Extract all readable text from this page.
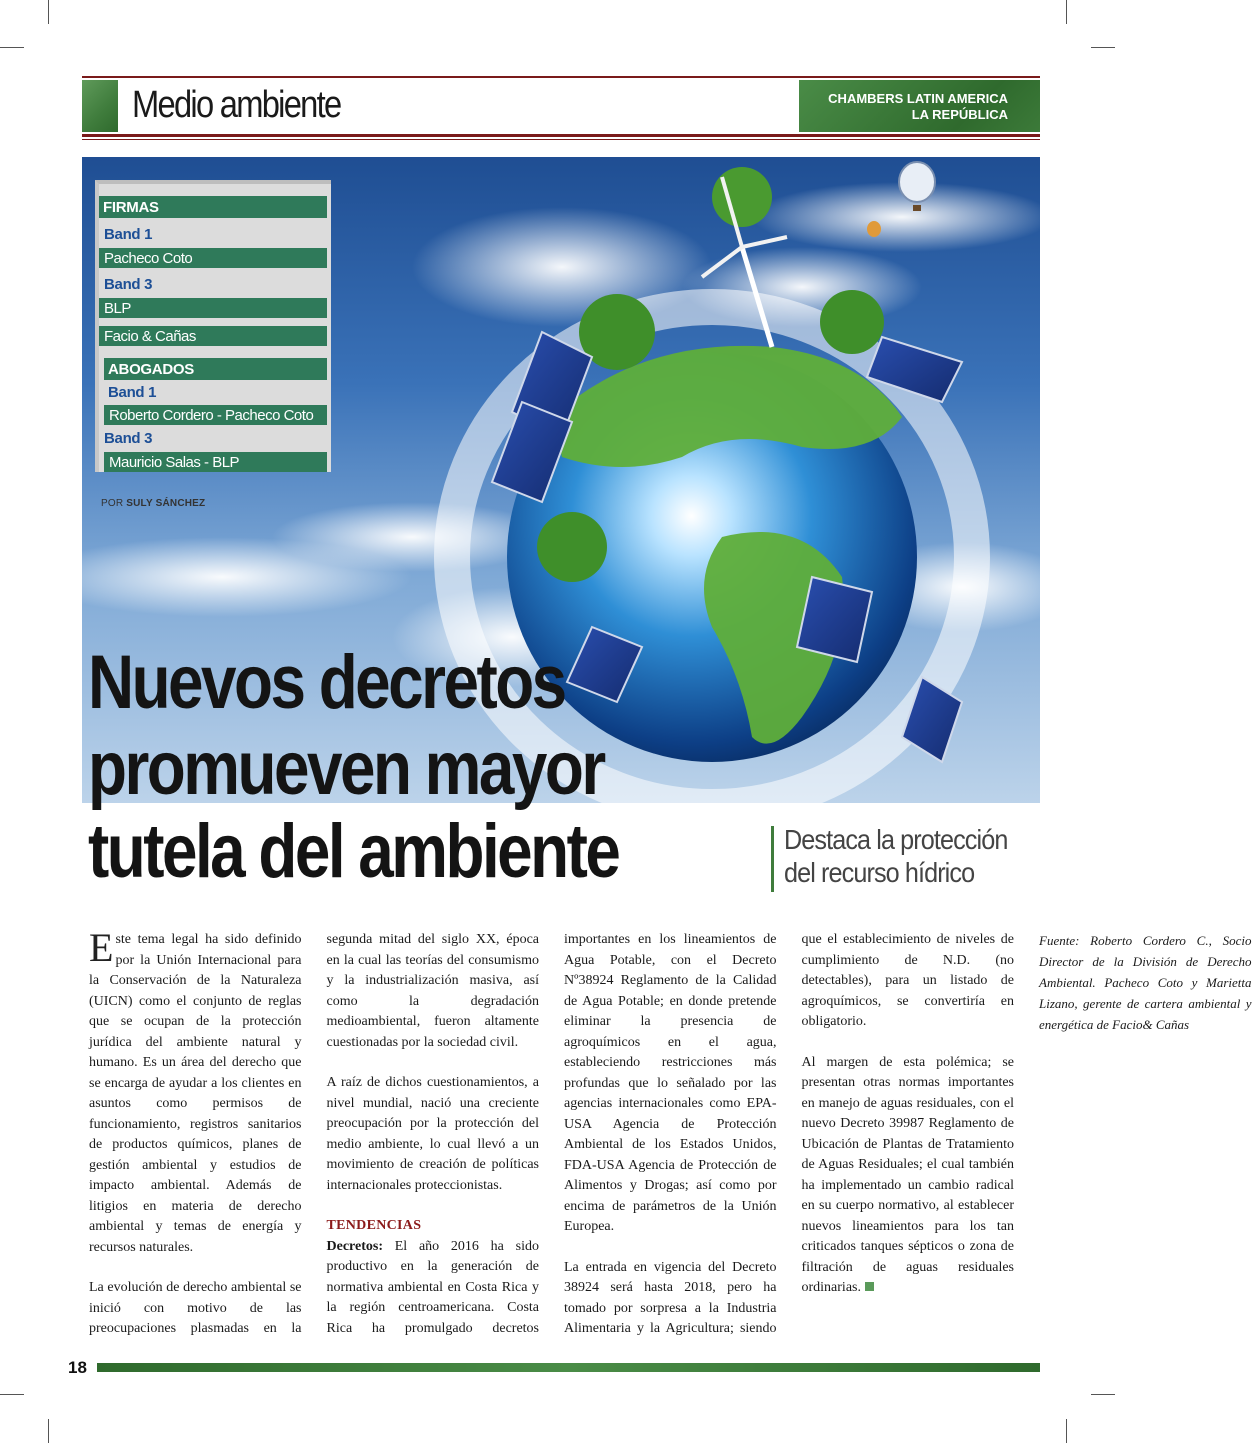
Medio ambiente	CHAMBERS LATIN AMERICA
LA REPÚBLICA
FIRMAS
Band 1
Pacheco Coto
Band 3
BLP
Facio & Cañas
ABOGADOS
Band 1
Roberto Cordero - Pacheco Coto
Band 3
Mauricio Salas - BLP
POR SULY SÁNCHEZ
Nuevos decretos
promueven mayor
tutela del ambiente	Destaca la protección
del recurso hídrico

Este tema legal ha sido definido por la Unión Internacional para la Conservación de la Naturaleza (UICN) como el conjunto de reglas que se ocupan de la protección jurídica del ambiente natural y humano. Es un área del derecho que se encarga de ayudar a los clientes en asuntos como permisos de funcionamiento, registros sanitarios de productos químicos, planes de gestión ambiental y estudios de impacto ambiental. Además de litigios en materia de derecho ambiental y temas de energía y recursos naturales.

La evolución de derecho ambiental se inició con motivo de las preocupaciones plasmadas en la segunda mitad del siglo XX, época en la cual las teorías del consumismo y la industrialización masiva, así como la degradación medioambiental, fueron altamente cuestionadas por la sociedad civil.

A raíz de dichos cuestionamientos, a nivel mundial, nació una creciente preocupación por la protección del medio ambiente, lo cual llevó a un movimiento de creación de políticas internacionales proteccionistas.

TENDENCIAS

Decretos: El año 2016 ha sido productivo en la generación de normativa ambiental en Costa Rica y la región centroamericana. Costa Rica ha promulgado decretos importantes en los lineamientos de Agua Potable, con el Decreto Nº38924 Reglamento de la Calidad de Agua Potable; en donde pretende eliminar la presencia de agroquímicos en el agua, estableciendo restricciones más profundas que lo señalado por las agencias internacionales como EPA-USA Agencia de Protección Ambiental de los Estados Unidos, FDA-USA Agencia de Protección de Alimentos y Drogas; así como por encima de parámetros de la Unión Europea.

La entrada en vigencia del Decreto 38924 será hasta 2018, pero ha tomado por sorpresa a la Industria Alimentaria y la Agricultura; siendo que el establecimiento de niveles de cumplimiento de N.D. (no detectables), para un listado de agroquímicos, se convertiría en obligatorio.

Al margen de esta polémica; se presentan otras normas importantes en manejo de aguas residuales, con el nuevo Decreto 39987 Reglamento de Ubicación de Plantas de Tratamiento de Aguas Residuales; el cual también ha implementado un cambio radical en su cuerpo normativo, al establecer nuevos lineamientos para los tan criticados tanques sépticos o zona de filtración de aguas residuales ordinarias.

Fuente: Roberto Cordero C., Socio Director de la División de Derecho Ambiental. Pacheco Coto y Marietta Lizano, gerente de cartera ambiental y energética de Facio& Cañas

18
